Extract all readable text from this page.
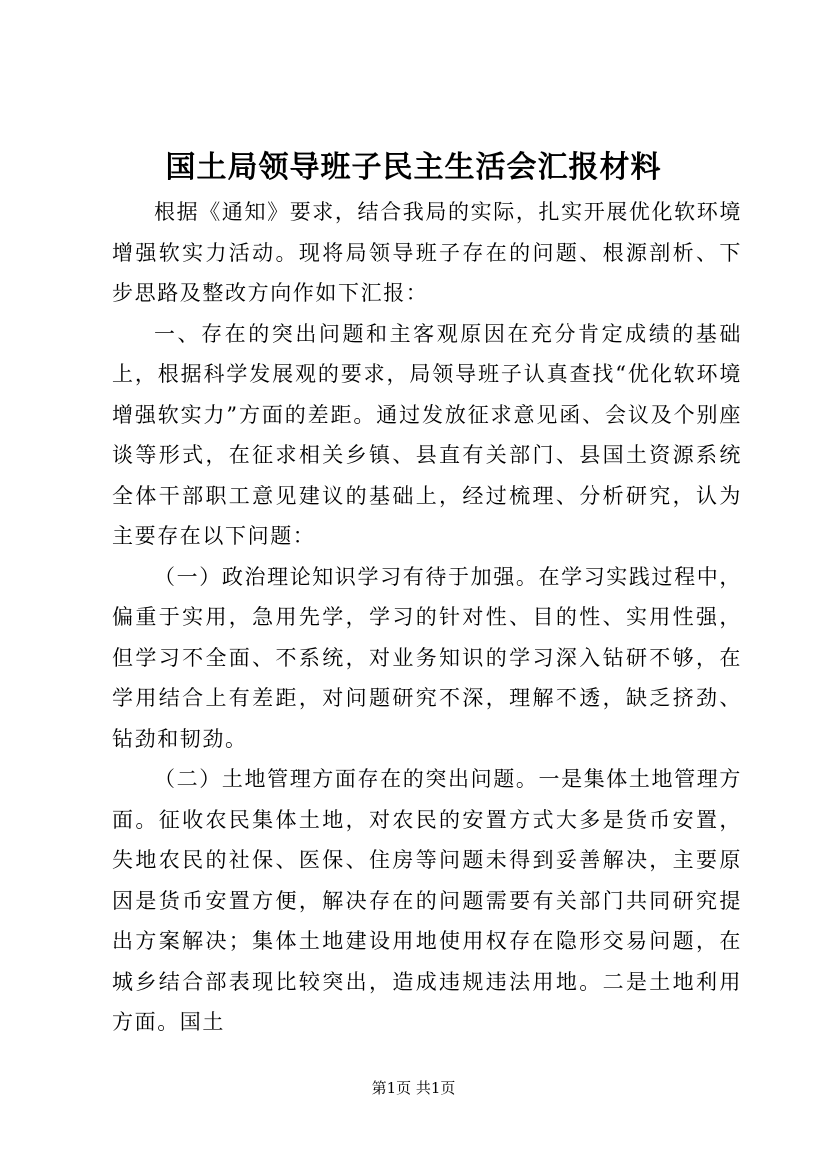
国土局领导班子民主生活会汇报材料

根据《通知》要求，结合我局的实际，扎实开展优化软环境增强软实力活动。现将局领导班子存在的问题、根源剖析、下步思路及整改方向作如下汇报：

一、存在的突出问题和主客观原因在充分肯定成绩的基础上，根据科学发展观的要求，局领导班子认真查找“优化软环境增强软实力”方面的差距。通过发放征求意见函、会议及个别座谈等形式，在征求相关乡镇、县直有关部门、县国土资源系统全体干部职工意见建议的基础上，经过梳理、分析研究，认为主要存在以下问题：

（一）政治理论知识学习有待于加强。在学习实践过程中，偏重于实用，急用先学，学习的针对性、目的性、实用性强，但学习不全面、不系统，对业务知识的学习深入钻研不够，在学用结合上有差距，对问题研究不深，理解不透，缺乏挤劲、钻劲和韧劲。

（二）土地管理方面存在的突出问题。一是集体土地管理方面。征收农民集体土地，对农民的安置方式大多是货币安置，失地农民的社保、医保、住房等问题未得到妥善解决，主要原因是货币安置方便，解决存在的问题需要有关部门共同研究提出方案解决；集体土地建设用地使用权存在隐形交易问题，在城乡结合部表现比较突出，造成违规违法用地。二是土地利用方面。国土

第1页 共1页
